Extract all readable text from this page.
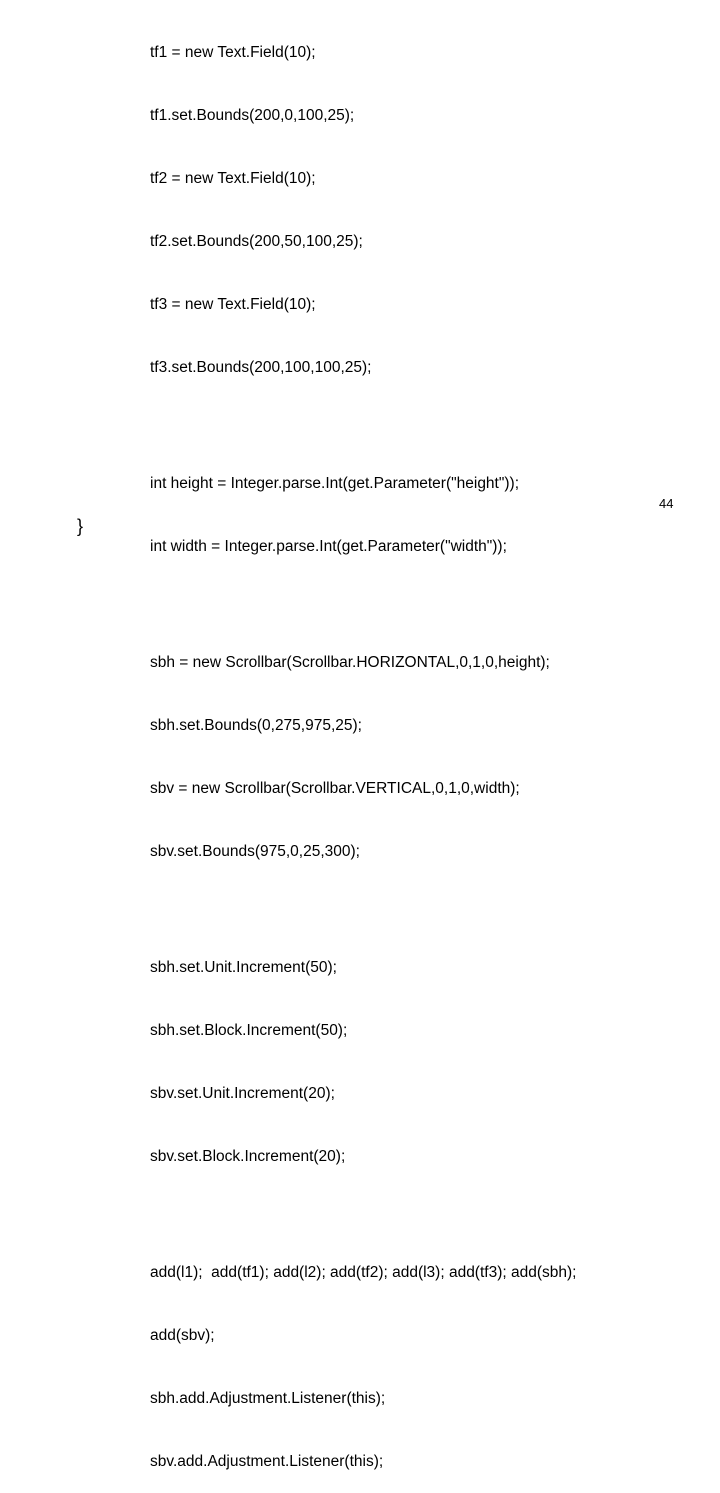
tf1 = new Text.Field(10);

tf1.set.Bounds(200,0,100,25);

tf2 = new Text.Field(10);

tf2.set.Bounds(200,50,100,25);

tf3 = new Text.Field(10);

tf3.set.Bounds(200,100,100,25);

int height = Integer.parse.Int(get.Parameter("height"));

int width = Integer.parse.Int(get.Parameter("width"));

sbh = new Scrollbar(Scrollbar.HORIZONTAL,0,1,0,height);

sbh.set.Bounds(0,275,975,25);

sbv = new Scrollbar(Scrollbar.VERTICAL,0,1,0,width);

sbv.set.Bounds(975,0,25,300);

sbh.set.Unit.Increment(50);

sbh.set.Block.Increment(50);

sbv.set.Unit.Increment(20);

sbv.set.Block.Increment(20);

add(l1);  add(tf1); add(l2); add(tf2); add(l3); add(tf3); add(sbh);

add(sbv);

sbh.add.Adjustment.Listener(this);

sbv.add.Adjustment.Listener(this);

}
44
